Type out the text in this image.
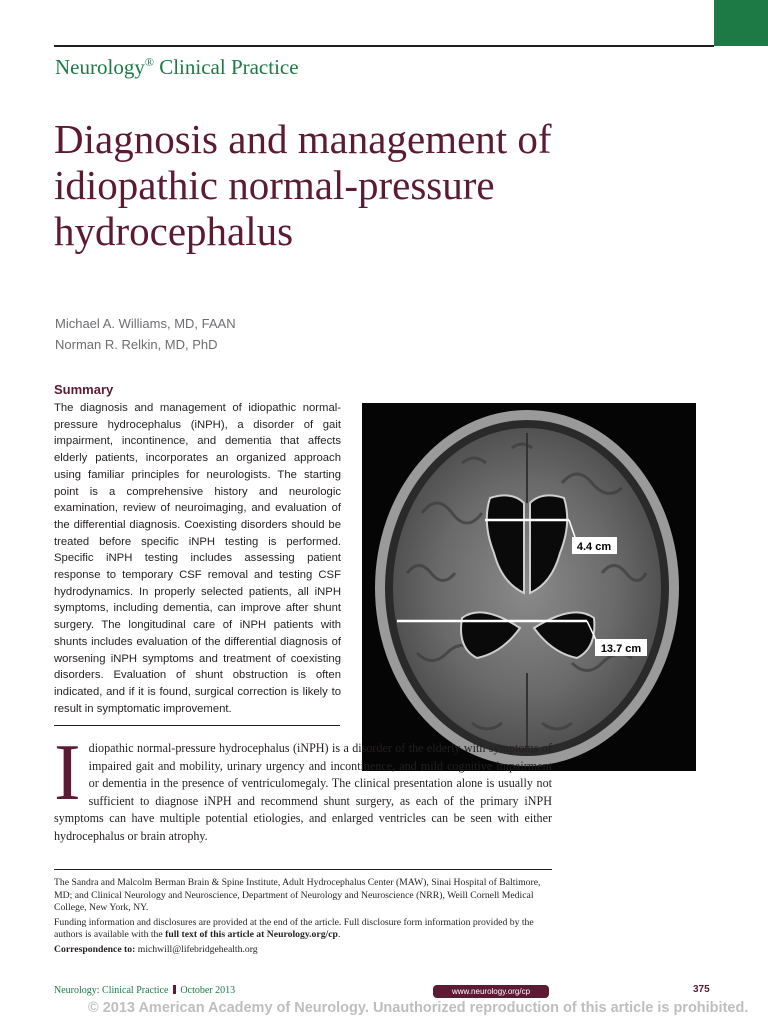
Neurology® Clinical Practice
Diagnosis and management of idiopathic normal-pressure hydrocephalus
Michael A. Williams, MD, FAAN
Norman R. Relkin, MD, PhD
Summary

The diagnosis and management of idiopathic normal-pressure hydrocephalus (iNPH), a disorder of gait impairment, incontinence, and dementia that affects elderly patients, incorporates an organized approach using familiar principles for neurologists. The starting point is a comprehensive history and neurologic examination, review of neuroimaging, and evaluation of the differential diagnosis. Coexisting disorders should be treated before specific iNPH testing is performed. Specific iNPH testing includes assessing patient response to temporary CSF removal and testing CSF hydrodynamics. In properly selected patients, all iNPH symptoms, including dementia, can improve after shunt surgery. The longitudinal care of iNPH patients with shunts includes evaluation of the differential diagnosis of worsening iNPH symptoms and treatment of coexisting disorders. Evaluation of shunt obstruction is often indicated, and if it is found, surgical correction is likely to result in symptomatic improvement.

4.4 cm
13.7 cm

Idiopathic normal-pressure hydrocephalus (iNPH) is a disorder of the elderly with symptoms of impaired gait and mobility, urinary urgency and incontinence, and mild cognitive impairment or dementia in the presence of ventriculomegaly. The clinical presentation alone is usually not sufficient to diagnose iNPH and recommend shunt surgery, as each of the primary iNPH symptoms can have multiple potential etiologies, and enlarged ventricles can be seen with either hydrocephalus or brain atrophy.

The Sandra and Malcolm Berman Brain & Spine Institute, Adult Hydrocephalus Center (MAW), Sinai Hospital of Baltimore, MD; and Clinical Neurology and Neuroscience, Department of Neurology and Neuroscience (NRR), Weill Cornell Medical College, New York, NY.

Funding information and disclosures are provided at the end of the article. Full disclosure form information provided by the authors is available with the full text of this article at Neurology.org/cp.

Correspondence to: michwill@lifebridgehealth.org

Neurology: Clinical Practice October 2013	www.neurology.org/cp	375
© 2013 American Academy of Neurology. Unauthorized reproduction of this article is prohibited.
